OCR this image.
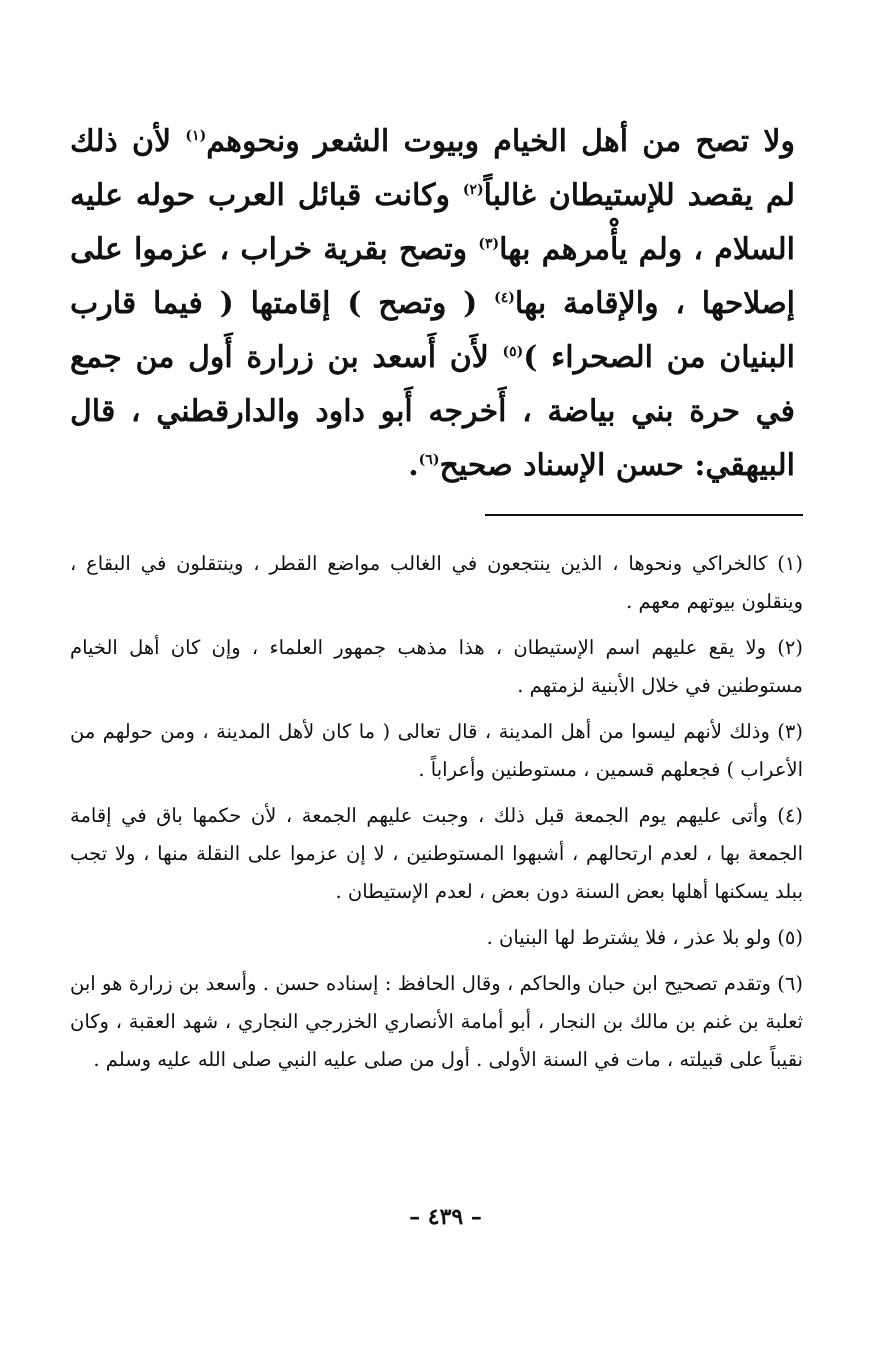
ولا تصح من أهل الخيام وبيوت الشعر ونحوهم$^{(١)}$ لأن ذلك لم يقصد للإستيطان غالباً$^{(٢)}$ وكانت قبائل العرب حوله عليه السلام ، ولم يأْمرهم بها$^{(٣)}$ وتصح بقرية خراب ، عزموا على إصلاحها ، والإقامة بها$^{(٤)}$ ( وتصح ) إقامتها ( فيما قارب البنيان من الصحراء )$^{(٥)}$ لأَن أَسعد بن زرارة أَول من جمع في حرة بني بياضة ، أَخرجه أَبو داود والدارقطني ، قال البيهقي: حسن الإسناد صحيح$^{(٦)}$.

(١) كالخراكي ونحوها ، الذين ينتجعون في الغالب مواضع القطر ، وينتقلون في البقاع ، وينقلون بيوتهم معهم .

(٢) ولا يقع عليهم اسم الإستيطان ، هذا مذهب جمهور العلماء ، وإن كان أهل الخيام مستوطنين في خلال الأبنية لزمتهم .

(٣) وذلك لأنهم ليسوا من أهل المدينة ، قال تعالى ( ما كان لأهل المدينة ، ومن حولهم من الأعراب ) فجعلهم قسمين ، مستوطنين وأعراباً .

(٤) وأتى عليهم يوم الجمعة قبل ذلك ، وجبت عليهم الجمعة ، لأن حكمها باق في إقامة الجمعة بها ، لعدم ارتحالهم ، أشبهوا المستوطنين ، لا إن عزموا على النقلة منها ، ولا تجب ببلد يسكنها أهلها بعض السنة دون بعض ، لعدم الإستيطان .

(٥) ولو بلا عذر ، فلا يشترط لها البنيان .

(٦) وتقدم تصحيح ابن حبان والحاكم ، وقال الحافظ : إسناده حسن . وأسعد بن زرارة هو ابن ثعلبة بن غنم بن مالك بن النجار ، أبو أمامة الأنصاري الخزرجي النجاري ، شهد العقبة ، وكان نقيباً على قبيلته ، مات في السنة الأولى . أول من صلى عليه النبي صلى الله عليه وسلم .

– ٤٣٩ –
